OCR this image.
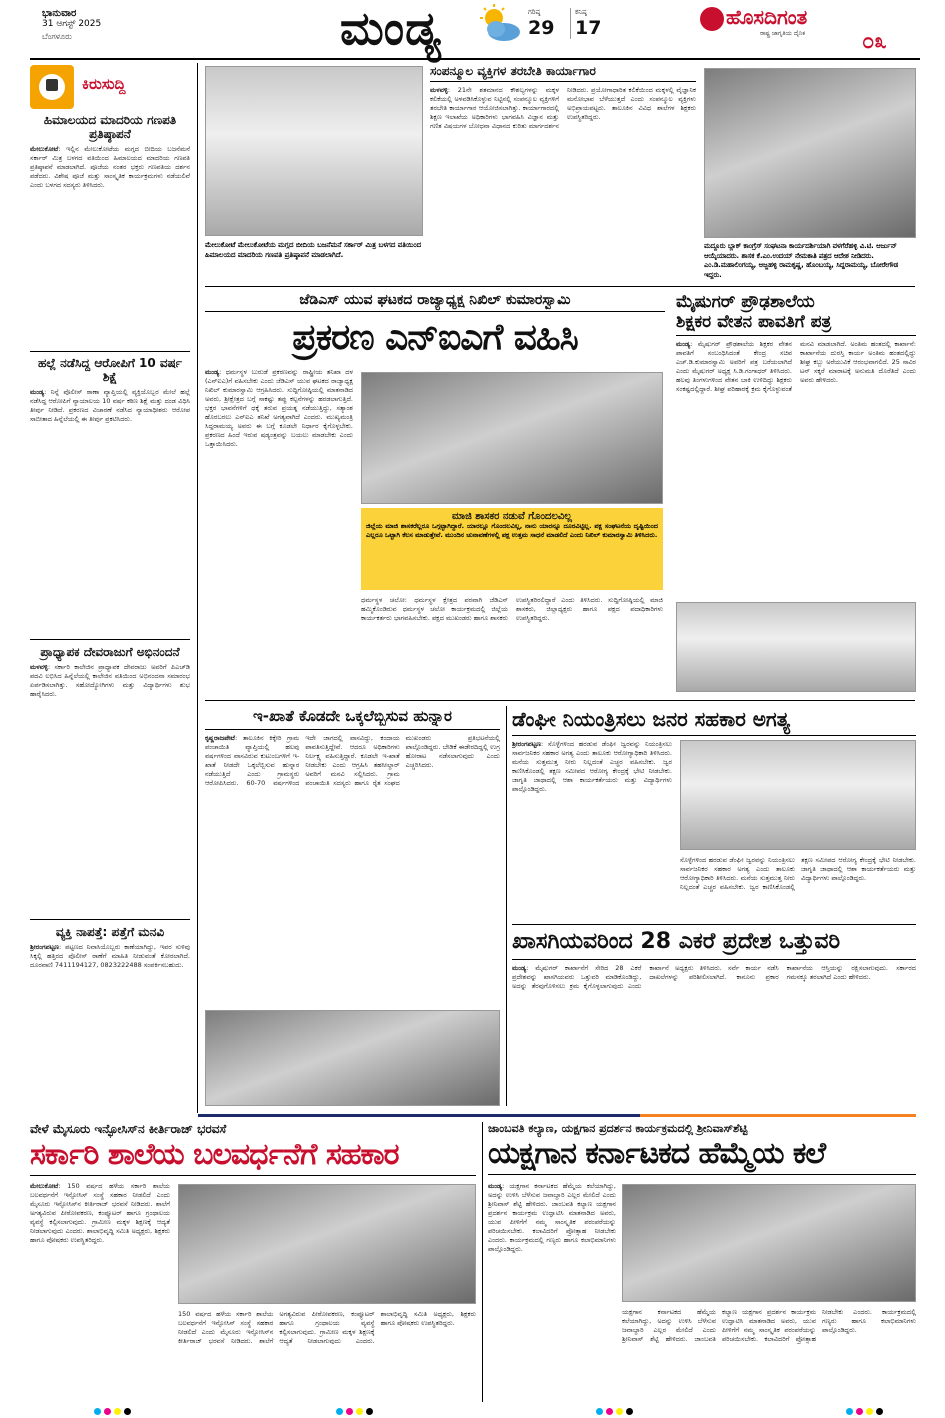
ಭಾನುವಾರ
31 ಆಗಸ್ಟ್ 2025
ಬೆಂಗಳೂರು	ಮಂಡ್ಯ	ಗರಿಷ್ಠ
29
ಕನಿಷ್ಠ
17	ಹೊಸದಿಗಂತ
ರಾಷ್ಟ್ರ ಜಾಗೃತಿಯ ದೈನಿಕ	೦೩
ಕಿರುಸುದ್ದಿ
ಹಿಮಾಲಯದ ಮಾದರಿಯ ಗಣಪತಿ ಪ್ರತಿಷ್ಠಾಪನೆ
ಮೇಲುಕೋಟೆ: ಇಲ್ಲಿನ ಮೇಲುಕೋಟೆಯ ಮಗ್ಗದ ಬೀದಿಯ ಬಜನೆಮನೆ ಸರ್ಕಾರ್ ಮಿತ್ರ ಬಳಗದ ವತಿಯಿಂದ ಹಿಮಾಲಯದ ಮಾದರಿಯ ಗಣಪತಿ ಪ್ರತಿಷ್ಠಾಪನೆ ಮಾಡಲಾಗಿದೆ. ಪೂಜೆಯ ನಂತರ ಭಕ್ತರು ಗಣಪತಿಯ ದರ್ಶನ ಪಡೆದರು. ವಿಶೇಷ ಪೂಜೆ ಮತ್ತು ಸಾಂಸ್ಕೃತಿಕ ಕಾರ್ಯಕ್ರಮಗಳು ನಡೆಯಲಿವೆ ಎಂದು ಬಳಗದ ಸದಸ್ಯರು ತಿಳಿಸಿದರು.
ಹಲ್ಲೆ ನಡೆಸಿದ್ದ ಆರೋಪಿಗೆ 10 ವರ್ಷ ಶಿಕ್ಷೆ
ಮಂಡ್ಯ: ನಿನ್ನೆ ಪೊಲೀಸ್ ಠಾಣಾ ವ್ಯಾಪ್ತಿಯಲ್ಲಿ ವ್ಯಕ್ತಿಯೊಬ್ಬರ ಮೇಲೆ ಹಲ್ಲೆ ನಡೆಸಿದ್ದ ಆರೋಪಿಗೆ ನ್ಯಾಯಾಲಯ 10 ವರ್ಷ ಕಠಿಣ ಶಿಕ್ಷೆ ಮತ್ತು ದಂಡ ವಿಧಿಸಿ ತೀರ್ಪು ನೀಡಿದೆ. ಪ್ರಕರಣದ ವಿಚಾರಣೆ ನಡೆಸಿದ ನ್ಯಾಯಾಧೀಶರು ಆರೋಪ ಸಾಬೀತಾದ ಹಿನ್ನೆಲೆಯಲ್ಲಿ ಈ ತೀರ್ಪು ಪ್ರಕಟಿಸಿದರು.
ಪ್ರಾಧ್ಯಾಪಕ ದೇವರಾಜುಗೆ ಅಭಿನಂದನೆ
ಮಳವಳ್ಳಿ: ಸರ್ಕಾರಿ ಕಾಲೇಜಿನ ಪ್ರಾಧ್ಯಾಪಕ ದೇವರಾಜು ಅವರಿಗೆ ಪಿಎಚ್‌ಡಿ ಪದವಿ ಲಭಿಸಿದ ಹಿನ್ನೆಲೆಯಲ್ಲಿ ಕಾಲೇಜಿನ ವತಿಯಿಂದ ಅಭಿನಂದನಾ ಸಮಾರಂಭ ಏರ್ಪಡಿಸಲಾಗಿತ್ತು. ಸಹೋದ್ಯೋಗಿಗಳು ಮತ್ತು ವಿದ್ಯಾರ್ಥಿಗಳು ಶುಭ ಹಾರೈಸಿದರು.
ವ್ಯಕ್ತಿ ನಾಪತ್ತೆ: ಪತ್ತೆಗೆ ಮನವಿ
ಶ್ರೀರಂಗಪಟ್ಟಣ: ಪಟ್ಟಣದ ನಿವಾಸಿಯೊಬ್ಬರು ಕಾಣೆಯಾಗಿದ್ದು, ಇವರ ಸುಳಿವು ಸಿಕ್ಕಲ್ಲಿ ಹತ್ತಿರದ ಪೊಲೀಸ್ ಠಾಣೆಗೆ ಮಾಹಿತಿ ನೀಡುವಂತೆ ಕೋರಲಾಗಿದೆ. ದೂರವಾಣಿ 7411194127, 0823222488 ಸಂಪರ್ಕಿಸಬಹುದು.
ಮೇಲುಕೋಟೆ ಮೇಲುಕೋಟೆಯ ಮಗ್ಗದ ಬೀದಿಯ ಬಜನೆಮನೆ ಸರ್ಕಾರ್ ಮಿತ್ರ ಬಳಗದ ವತಿಯಿಂದ ಹಿಮಾಲಯದ ಮಾದರಿಯ ಗಣಪತಿ ಪ್ರತಿಷ್ಠಾಪನೆ ಮಾಡಲಾಗಿದೆ.
ಸಂಪನ್ಮೂಲ ವ್ಯಕ್ತಿಗಳ ತರಬೇತಿ ಕಾರ್ಯಾಗಾರ
ಮಳವಳ್ಳಿ: 21ನೇ ಶತಮಾನದ ಕೌಶಲ್ಯಗಳನ್ನು ಮಕ್ಕಳ ಕಲಿಕೆಯಲ್ಲಿ ಅಳವಡಿಸಿಕೊಳ್ಳುವ ನಿಟ್ಟಿನಲ್ಲಿ ಸಂಪನ್ಮೂಲ ವ್ಯಕ್ತಿಗಳಿಗೆ ತರಬೇತಿ ಕಾರ್ಯಾಗಾರ ಆಯೋಜಿಸಲಾಗಿತ್ತು. ಕಾರ್ಯಾಗಾರದಲ್ಲಿ ಶಿಕ್ಷಣ ಇಲಾಖೆಯ ಅಧಿಕಾರಿಗಳು ಭಾಗವಹಿಸಿ ವಿಜ್ಞಾನ ಮತ್ತು ಗಣಿತ ವಿಷಯಗಳ ಬೋಧನಾ ವಿಧಾನದ ಕುರಿತು ಮಾರ್ಗದರ್ಶನ ನೀಡಿದರು. ಪ್ರಯೋಗಾಧಾರಿತ ಕಲಿಕೆಯಿಂದ ಮಕ್ಕಳಲ್ಲಿ ವೈಜ್ಞಾನಿಕ ಮನೋಭಾವ ಬೆಳೆಯುತ್ತದೆ ಎಂದು ಸಂಪನ್ಮೂಲ ವ್ಯಕ್ತಿಗಳು ಅಭಿಪ್ರಾಯಪಟ್ಟರು. ತಾಲೂಕಿನ ವಿವಿಧ ಶಾಲೆಗಳ ಶಿಕ್ಷಕರು ಉಪಸ್ಥಿತರಿದ್ದರು.
ಮದ್ದೂರು ಬ್ಲಾಕ್ ಕಾಂಗ್ರೆಸ್ ಸಂಘಟನಾ ಕಾರ್ಯದರ್ಶಿಯಾಗಿ ವಳಗೆರೆಹಳ್ಳಿ ವಿ.ಟಿ. ಆರ್ಜುನ್ ಆಯ್ಕೆಯಾದರು. ಶಾಸಕ ಕೆ.ಎಂ.ಉದಯ್ ನೇಮಕಾತಿ ಪತ್ರದ ಆದೇಶ ನೀಡಿದರು. ಎಂ.ಡಿ.ಮಹಾಲಿಂಗಯ್ಯ, ಅಜ್ಜಹಳ್ಳಿ ರಾಮಕೃಷ್ಣ, ಹೊಂಬಯ್ಯ, ಸಿದ್ದರಾಮಯ್ಯ, ಬೋರೇಗೌಡ ಇದ್ದರು.
ಜೆಡಿಎಸ್ ಯುವ ಘಟಕದ ರಾಜ್ಯಾಧ್ಯಕ್ಷ ನಿಖಿಲ್ ಕುಮಾರಸ್ವಾಮಿ
ಪ್ರಕರಣ ಎನ್‌ಐಎಗೆ ವಹಿಸಿ
ಮಂಡ್ಯ: ಧರ್ಮಸ್ಥಳ ಬುರುಡೆ ಪ್ರಕರಣವನ್ನು ರಾಷ್ಟ್ರೀಯ ತನಿಖಾ ದಳ (ಎನ್‌ಐಎ)ಗೆ ವಹಿಸಬೇಕು ಎಂದು ಜೆಡಿಎಸ್ ಯುವ ಘಟಕದ ರಾಜ್ಯಾಧ್ಯಕ್ಷ ನಿಖಿಲ್ ಕುಮಾರಸ್ವಾಮಿ ಆಗ್ರಹಿಸಿದರು. ಸುದ್ದಿಗೋಷ್ಠಿಯಲ್ಲಿ ಮಾತನಾಡಿದ ಅವರು, ಶ್ರೀಕ್ಷೇತ್ರದ ಬಗ್ಗೆ ಸಾಕಷ್ಟು ತಪ್ಪು ಕಲ್ಪನೆಗಳನ್ನು ಹರಡಲಾಗುತ್ತಿದೆ. ಭಕ್ತರ ಭಾವನೆಗಳಿಗೆ ಧಕ್ಕೆ ತರುವ ಪ್ರಯತ್ನ ನಡೆಯುತ್ತಿದ್ದು, ಸತ್ಯಾಂಶ ಹೊರಬರಲು ಎನ್‌ಐಎ ತನಿಖೆ ಅಗತ್ಯವಾಗಿದೆ ಎಂದರು. ಮುಖ್ಯಮಂತ್ರಿ ಸಿದ್ದರಾಮಯ್ಯ ಅವರು ಈ ಬಗ್ಗೆ ಕೂಡಲೇ ನಿರ್ಧಾರ ಕೈಗೊಳ್ಳಬೇಕು. ಪ್ರಕರಣದ ಹಿಂದೆ ಇರುವ ಷಡ್ಯಂತ್ರವನ್ನು ಬಯಲು ಮಾಡಬೇಕು ಎಂದು ಒತ್ತಾಯಿಸಿದರು.
ಮಾಜಿ ಶಾಸಕರ ನಡುವೆ ಗೊಂದಲವಿಲ್ಲ
ಜಿಲ್ಲೆಯ ಮಾಜಿ ಶಾಸಕರೆಲ್ಲರೂ ಒಗ್ಗಟ್ಟಾಗಿದ್ದಾರೆ. ಯಾರಲ್ಲೂ ಗೊಂದಲವಿಲ್ಲ, ನಾನು ಯಾರನ್ನೂ ದೂರವಿಟ್ಟಿಲ್ಲ. ಪಕ್ಷ ಸಂಘಟನೆಯ ದೃಷ್ಟಿಯಿಂದ ಎಲ್ಲರೂ ಒಟ್ಟಾಗಿ ಕೆಲಸ ಮಾಡುತ್ತೇವೆ. ಮುಂದಿನ ಚುನಾವಣೆಗಳಲ್ಲಿ ಪಕ್ಷ ಉತ್ತಮ ಸಾಧನೆ ಮಾಡಲಿದೆ ಎಂದು ನಿಖಿಲ್ ಕುಮಾರಸ್ವಾಮಿ ತಿಳಿಸಿದರು.
ಧರ್ಮಸ್ಥಳ ಚಲೋ: ಧರ್ಮಸ್ಥಳ ಕ್ಷೇತ್ರದ ಪರವಾಗಿ ಜೆಡಿಎಸ್ ಹಮ್ಮಿಕೊಂಡಿರುವ ಧರ್ಮಸ್ಥಳ ಚಲೋ ಕಾರ್ಯಕ್ರಮದಲ್ಲಿ ಜಿಲ್ಲೆಯ ಕಾರ್ಯಕರ್ತರು ಭಾಗವಹಿಸಬೇಕು. ಪಕ್ಷದ ಮುಖಂಡರು ಹಾಗೂ ಶಾಸಕರು ಉಪಸ್ಥಿತರಿರಲಿದ್ದಾರೆ ಎಂದು ತಿಳಿಸಿದರು. ಸುದ್ದಿಗೋಷ್ಠಿಯಲ್ಲಿ ಮಾಜಿ ಶಾಸಕರು, ಜಿಲ್ಲಾಧ್ಯಕ್ಷರು ಹಾಗೂ ಪಕ್ಷದ ಪದಾಧಿಕಾರಿಗಳು ಉಪಸ್ಥಿತರಿದ್ದರು.
ಮೈಷುಗರ್ ಪ್ರೌಢಶಾಲೆಯ
ಶಿಕ್ಷಕರ ವೇತನ ಪಾವತಿಗೆ ಪತ್ರ
ಮಂಡ್ಯ: ಮೈಷುಗರ್ ಪ್ರೌಢಶಾಲೆಯ ಶಿಕ್ಷಕರ ವೇತನ ಪಾವತಿಗೆ ಸಂಬಂಧಿಸಿದಂತೆ ಕೇಂದ್ರ ಸಚಿವ ಎಚ್.ಡಿ.ಕುಮಾರಸ್ವಾಮಿ ಅವರಿಗೆ ಪತ್ರ ಬರೆಯಲಾಗಿದೆ ಎಂದು ಮೈಷುಗರ್ ಅಧ್ಯಕ್ಷ ಸಿ.ಡಿ.ಗಂಗಾಧರ್ ತಿಳಿಸಿದರು. ಹಲವು ತಿಂಗಳುಗಳಿಂದ ವೇತನ ಬಾಕಿ ಉಳಿದಿದ್ದು ಶಿಕ್ಷಕರು ಸಂಕಷ್ಟದಲ್ಲಿದ್ದಾರೆ. ಶೀಘ್ರ ಪರಿಹಾರಕ್ಕೆ ಕ್ರಮ ಕೈಗೊಳ್ಳುವಂತೆ ಮನವಿ ಮಾಡಲಾಗಿದೆ. ಅಂತಿಮ ಹಂತದಲ್ಲಿ ಕಾರ್ಖಾನೆ: ಕಾರ್ಖಾನೆಯ ದುರಸ್ತಿ ಕಾರ್ಯ ಅಂತಿಮ ಹಂತದಲ್ಲಿದ್ದು ಶೀಘ್ರ ಕಬ್ಬು ಅರೆಯುವಿಕೆ ಆರಂಭವಾಗಲಿದೆ. 25 ಸಾವಿರ ಟನ್ ಸಕ್ಕರೆ ಮಾರಾಟಕ್ಕೆ ಅನುಮತಿ ದೊರೆತಿದೆ ಎಂದು ಅವರು ಹೇಳಿದರು.
ಇ-ಖಾತೆ ಕೊಡದೇ ಒಕ್ಕಲೆಬ್ಬಿಸುವ ಹುನ್ನಾರ
ಕೃಷ್ಣರಾಜಪೇಟೆ: ತಾಲೂಕಿನ ಕಿಕ್ಕೇರಿ ಗ್ರಾಮ ಪಂಚಾಯಿತಿ ವ್ಯಾಪ್ತಿಯಲ್ಲಿ ಹಲವು ವರ್ಷಗಳಿಂದ ವಾಸವಿರುವ ಕುಟುಂಬಗಳಿಗೆ ಇ-ಖಾತೆ ನೀಡದೇ ಒಕ್ಕಲೆಬ್ಬಿಸುವ ಹುನ್ನಾರ ನಡೆಯುತ್ತಿದೆ ಎಂದು ಗ್ರಾಮಸ್ಥರು ಆರೋಪಿಸಿದರು. 60-70 ವರ್ಷಗಳಿಂದ ಇದೇ ಜಾಗದಲ್ಲಿ ವಾಸವಿದ್ದು, ಕಂದಾಯ ಪಾವತಿಸುತ್ತಿದ್ದೇವೆ. ಆದರೂ ಅಧಿಕಾರಿಗಳು ನಿರ್ಲಕ್ಷ್ಯ ವಹಿಸುತ್ತಿದ್ದಾರೆ. ಕೂಡಲೇ ಇ-ಖಾತೆ ನೀಡಬೇಕು ಎಂದು ಆಗ್ರಹಿಸಿ ತಹಸೀಲ್ದಾರ್ ಅವರಿಗೆ ಮನವಿ ಸಲ್ಲಿಸಿದರು. ಗ್ರಾಮ ಪಂಚಾಯಿತಿ ಸದಸ್ಯರು ಹಾಗೂ ರೈತ ಸಂಘದ ಮುಖಂಡರು ಪ್ರತಿಭಟನೆಯಲ್ಲಿ ಪಾಲ್ಗೊಂಡಿದ್ದರು. ಬೇಡಿಕೆ ಈಡೇರದಿದ್ದಲ್ಲಿ ಉಗ್ರ ಹೋರಾಟ ನಡೆಸಲಾಗುವುದು ಎಂದು ಎಚ್ಚರಿಸಿದರು.
ಡೆಂಘೀ ನಿಯಂತ್ರಿಸಲು ಜನರ ಸಹಕಾರ ಅಗತ್ಯ
ಶ್ರೀರಂಗಪಟ್ಟಣ: ಸೊಳ್ಳೆಗಳಿಂದ ಹರಡುವ ಡೆಂಘೀ ಜ್ವರವನ್ನು ನಿಯಂತ್ರಿಸಲು ಸಾರ್ವಜನಿಕರ ಸಹಕಾರ ಅಗತ್ಯ ಎಂದು ತಾಲೂಕು ಆರೋಗ್ಯಾಧಿಕಾರಿ ತಿಳಿಸಿದರು. ಮನೆಯ ಸುತ್ತಮುತ್ತ ನೀರು ನಿಲ್ಲದಂತೆ ಎಚ್ಚರ ವಹಿಸಬೇಕು. ಜ್ವರ ಕಾಣಿಸಿಕೊಂಡಲ್ಲಿ ತಕ್ಷಣ ಸಮೀಪದ ಆರೋಗ್ಯ ಕೇಂದ್ರಕ್ಕೆ ಭೇಟಿ ನೀಡಬೇಕು. ಜಾಗೃತಿ ಜಾಥಾದಲ್ಲಿ ಆಶಾ ಕಾರ್ಯಕರ್ತೆಯರು ಮತ್ತು ವಿದ್ಯಾರ್ಥಿಗಳು ಪಾಲ್ಗೊಂಡಿದ್ದರು.
ಸೊಳ್ಳೆಗಳಿಂದ ಹರಡುವ ಡೆಂಘೀ ಜ್ವರವನ್ನು ನಿಯಂತ್ರಿಸಲು ಸಾರ್ವಜನಿಕರ ಸಹಕಾರ ಅಗತ್ಯ ಎಂದು ತಾಲೂಕು ಆರೋಗ್ಯಾಧಿಕಾರಿ ತಿಳಿಸಿದರು. ಮನೆಯ ಸುತ್ತಮುತ್ತ ನೀರು ನಿಲ್ಲದಂತೆ ಎಚ್ಚರ ವಹಿಸಬೇಕು. ಜ್ವರ ಕಾಣಿಸಿಕೊಂಡಲ್ಲಿ ತಕ್ಷಣ ಸಮೀಪದ ಆರೋಗ್ಯ ಕೇಂದ್ರಕ್ಕೆ ಭೇಟಿ ನೀಡಬೇಕು. ಜಾಗೃತಿ ಜಾಥಾದಲ್ಲಿ ಆಶಾ ಕಾರ್ಯಕರ್ತೆಯರು ಮತ್ತು ವಿದ್ಯಾರ್ಥಿಗಳು ಪಾಲ್ಗೊಂಡಿದ್ದರು.
ಖಾಸಗಿಯವರಿಂದ 28 ಎಕರೆ ಪ್ರದೇಶ ಒತ್ತುವರಿ
ಮಂಡ್ಯ: ಮೈಷುಗರ್ ಕಾರ್ಖಾನೆಗೆ ಸೇರಿದ 28 ಎಕರೆ ಪ್ರದೇಶವನ್ನು ಖಾಸಗಿಯವರು ಒತ್ತುವರಿ ಮಾಡಿಕೊಂಡಿದ್ದು, ಅದನ್ನು ತೆರವುಗೊಳಿಸಲು ಕ್ರಮ ಕೈಗೊಳ್ಳಲಾಗುವುದು ಎಂದು ಕಾರ್ಖಾನೆ ಅಧ್ಯಕ್ಷರು ತಿಳಿಸಿದರು. ಸರ್ವೆ ಕಾರ್ಯ ನಡೆಸಿ ದಾಖಲೆಗಳನ್ನು ಪರಿಶೀಲಿಸಲಾಗಿದೆ. ಕಾನೂನು ಪ್ರಕಾರ ಕಾರ್ಖಾನೆಯ ಆಸ್ತಿಯನ್ನು ರಕ್ಷಿಸಲಾಗುವುದು. ಸರ್ಕಾರದ ಗಮನಕ್ಕೂ ತರಲಾಗಿದೆ ಎಂದು ಹೇಳಿದರು.
ವೇಳೆ ಮೈಸೂರು ಇನ್ಫೋಸಿಸ್‌ನ ಕೀರ್ತಿರಾಜ್ ಭರವಸೆ
ಸರ್ಕಾರಿ ಶಾಲೆಯ ಬಲವರ್ಧನೆಗೆ ಸಹಕಾರ
ಮೇಲುಕೋಟೆ: 150 ವರ್ಷದ ಹಳೆಯ ಸರ್ಕಾರಿ ಶಾಲೆಯ ಬಲವರ್ಧನೆಗೆ ಇನ್ಫೋಸಿಸ್ ಸಂಸ್ಥೆ ಸಹಕಾರ ನೀಡಲಿದೆ ಎಂದು ಮೈಸೂರು ಇನ್ಫೋಸಿಸ್‌ನ ಕೀರ್ತಿರಾಜ್ ಭರವಸೆ ನೀಡಿದರು. ಶಾಲೆಗೆ ಅಗತ್ಯವಿರುವ ಪೀಠೋಪಕರಣ, ಕಂಪ್ಯೂಟರ್ ಹಾಗೂ ಗ್ರಂಥಾಲಯ ವ್ಯವಸ್ಥೆ ಕಲ್ಪಿಸಲಾಗುವುದು. ಗ್ರಾಮೀಣ ಮಕ್ಕಳ ಶಿಕ್ಷಣಕ್ಕೆ ಆದ್ಯತೆ ನೀಡಲಾಗುವುದು ಎಂದರು. ಶಾಲಾಭಿವೃದ್ಧಿ ಸಮಿತಿ ಅಧ್ಯಕ್ಷರು, ಶಿಕ್ಷಕರು ಹಾಗೂ ಪೋಷಕರು ಉಪಸ್ಥಿತರಿದ್ದರು.
150 ವರ್ಷದ ಹಳೆಯ ಸರ್ಕಾರಿ ಶಾಲೆಯ ಬಲವರ್ಧನೆಗೆ ಇನ್ಫೋಸಿಸ್ ಸಂಸ್ಥೆ ಸಹಕಾರ ನೀಡಲಿದೆ ಎಂದು ಮೈಸೂರು ಇನ್ಫೋಸಿಸ್‌ನ ಕೀರ್ತಿರಾಜ್ ಭರವಸೆ ನೀಡಿದರು. ಶಾಲೆಗೆ ಅಗತ್ಯವಿರುವ ಪೀಠೋಪಕರಣ, ಕಂಪ್ಯೂಟರ್ ಹಾಗೂ ಗ್ರಂಥಾಲಯ ವ್ಯವಸ್ಥೆ ಕಲ್ಪಿಸಲಾಗುವುದು. ಗ್ರಾಮೀಣ ಮಕ್ಕಳ ಶಿಕ್ಷಣಕ್ಕೆ ಆದ್ಯತೆ ನೀಡಲಾಗುವುದು ಎಂದರು. ಶಾಲಾಭಿವೃದ್ಧಿ ಸಮಿತಿ ಅಧ್ಯಕ್ಷರು, ಶಿಕ್ಷಕರು ಹಾಗೂ ಪೋಷಕರು ಉಪಸ್ಥಿತರಿದ್ದರು.
ಜಾಂಬವತಿ ಕಲ್ಯಾಣ, ಯಕ್ಷಗಾನ ಪ್ರದರ್ಶನ ಕಾರ್ಯಕ್ರಮದಲ್ಲಿ ಶ್ರೀನಿವಾಸ್‌ಶೆಟ್ಟಿ
ಯಕ್ಷಗಾನ ಕರ್ನಾಟಕದ ಹೆಮ್ಮೆಯ ಕಲೆ
ಮಂಡ್ಯ: ಯಕ್ಷಗಾನ ಕರ್ನಾಟಕದ ಹೆಮ್ಮೆಯ ಕಲೆಯಾಗಿದ್ದು, ಅದನ್ನು ಉಳಿಸಿ ಬೆಳೆಸುವ ಜವಾಬ್ದಾರಿ ಎಲ್ಲರ ಮೇಲಿದೆ ಎಂದು ಶ್ರೀನಿವಾಸ್ ಶೆಟ್ಟಿ ಹೇಳಿದರು. ಜಾಂಬವತಿ ಕಲ್ಯಾಣ ಯಕ್ಷಗಾನ ಪ್ರದರ್ಶನ ಕಾರ್ಯಕ್ರಮ ಉದ್ಘಾಟಿಸಿ ಮಾತನಾಡಿದ ಅವರು, ಯುವ ಪೀಳಿಗೆಗೆ ನಮ್ಮ ಸಾಂಸ್ಕೃತಿಕ ಪರಂಪರೆಯನ್ನು ಪರಿಚಯಿಸಬೇಕು. ಕಲಾವಿದರಿಗೆ ಪ್ರೋತ್ಸಾಹ ನೀಡಬೇಕು ಎಂದರು. ಕಾರ್ಯಕ್ರಮದಲ್ಲಿ ಗಣ್ಯರು ಹಾಗೂ ಕಲಾಭಿಮಾನಿಗಳು ಪಾಲ್ಗೊಂಡಿದ್ದರು.
ಯಕ್ಷಗಾನ ಕರ್ನಾಟಕದ ಹೆಮ್ಮೆಯ ಕಲೆಯಾಗಿದ್ದು, ಅದನ್ನು ಉಳಿಸಿ ಬೆಳೆಸುವ ಜವಾಬ್ದಾರಿ ಎಲ್ಲರ ಮೇಲಿದೆ ಎಂದು ಶ್ರೀನಿವಾಸ್ ಶೆಟ್ಟಿ ಹೇಳಿದರು. ಜಾಂಬವತಿ ಕಲ್ಯಾಣ ಯಕ್ಷಗಾನ ಪ್ರದರ್ಶನ ಕಾರ್ಯಕ್ರಮ ಉದ್ಘಾಟಿಸಿ ಮಾತನಾಡಿದ ಅವರು, ಯುವ ಪೀಳಿಗೆಗೆ ನಮ್ಮ ಸಾಂಸ್ಕೃತಿಕ ಪರಂಪರೆಯನ್ನು ಪರಿಚಯಿಸಬೇಕು. ಕಲಾವಿದರಿಗೆ ಪ್ರೋತ್ಸಾಹ ನೀಡಬೇಕು ಎಂದರು. ಕಾರ್ಯಕ್ರಮದಲ್ಲಿ ಗಣ್ಯರು ಹಾಗೂ ಕಲಾಭಿಮಾನಿಗಳು ಪಾಲ್ಗೊಂಡಿದ್ದರು.
